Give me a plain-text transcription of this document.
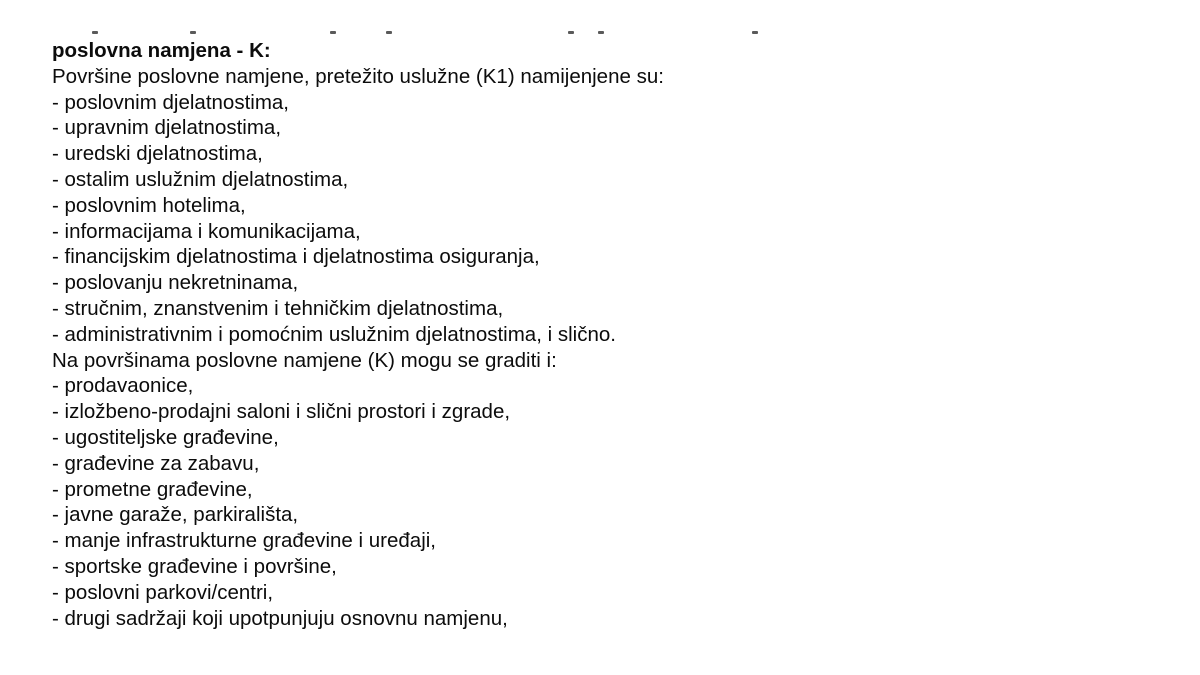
poslovna namjena - K:
Površine poslovne namjene, pretežito uslužne (K1) namijenjene su:
- poslovnim djelatnostima,
- upravnim djelatnostima,
- uredski djelatnostima,
- ostalim uslužnim djelatnostima,
- poslovnim hotelima,
- informacijama i komunikacijama,
- financijskim djelatnostima i djelatnostima osiguranja,
- poslovanju nekretninama,
- stručnim, znanstvenim i tehničkim djelatnostima,
- administrativnim i pomoćnim uslužnim djelatnostima, i slično.
Na površinama poslovne namjene (K) mogu se graditi i:
- prodavaonice,
- izložbeno-prodajni saloni i slični prostori i zgrade,
- ugostiteljske građevine,
- građevine za zabavu,
- prometne građevine,
- javne garaže, parkirališta,
- manje infrastrukturne građevine i uređaji,
- sportske građevine i površine,
- poslovni parkovi/centri,
- drugi sadržaji koji upotpunjuju osnovnu namjenu,
